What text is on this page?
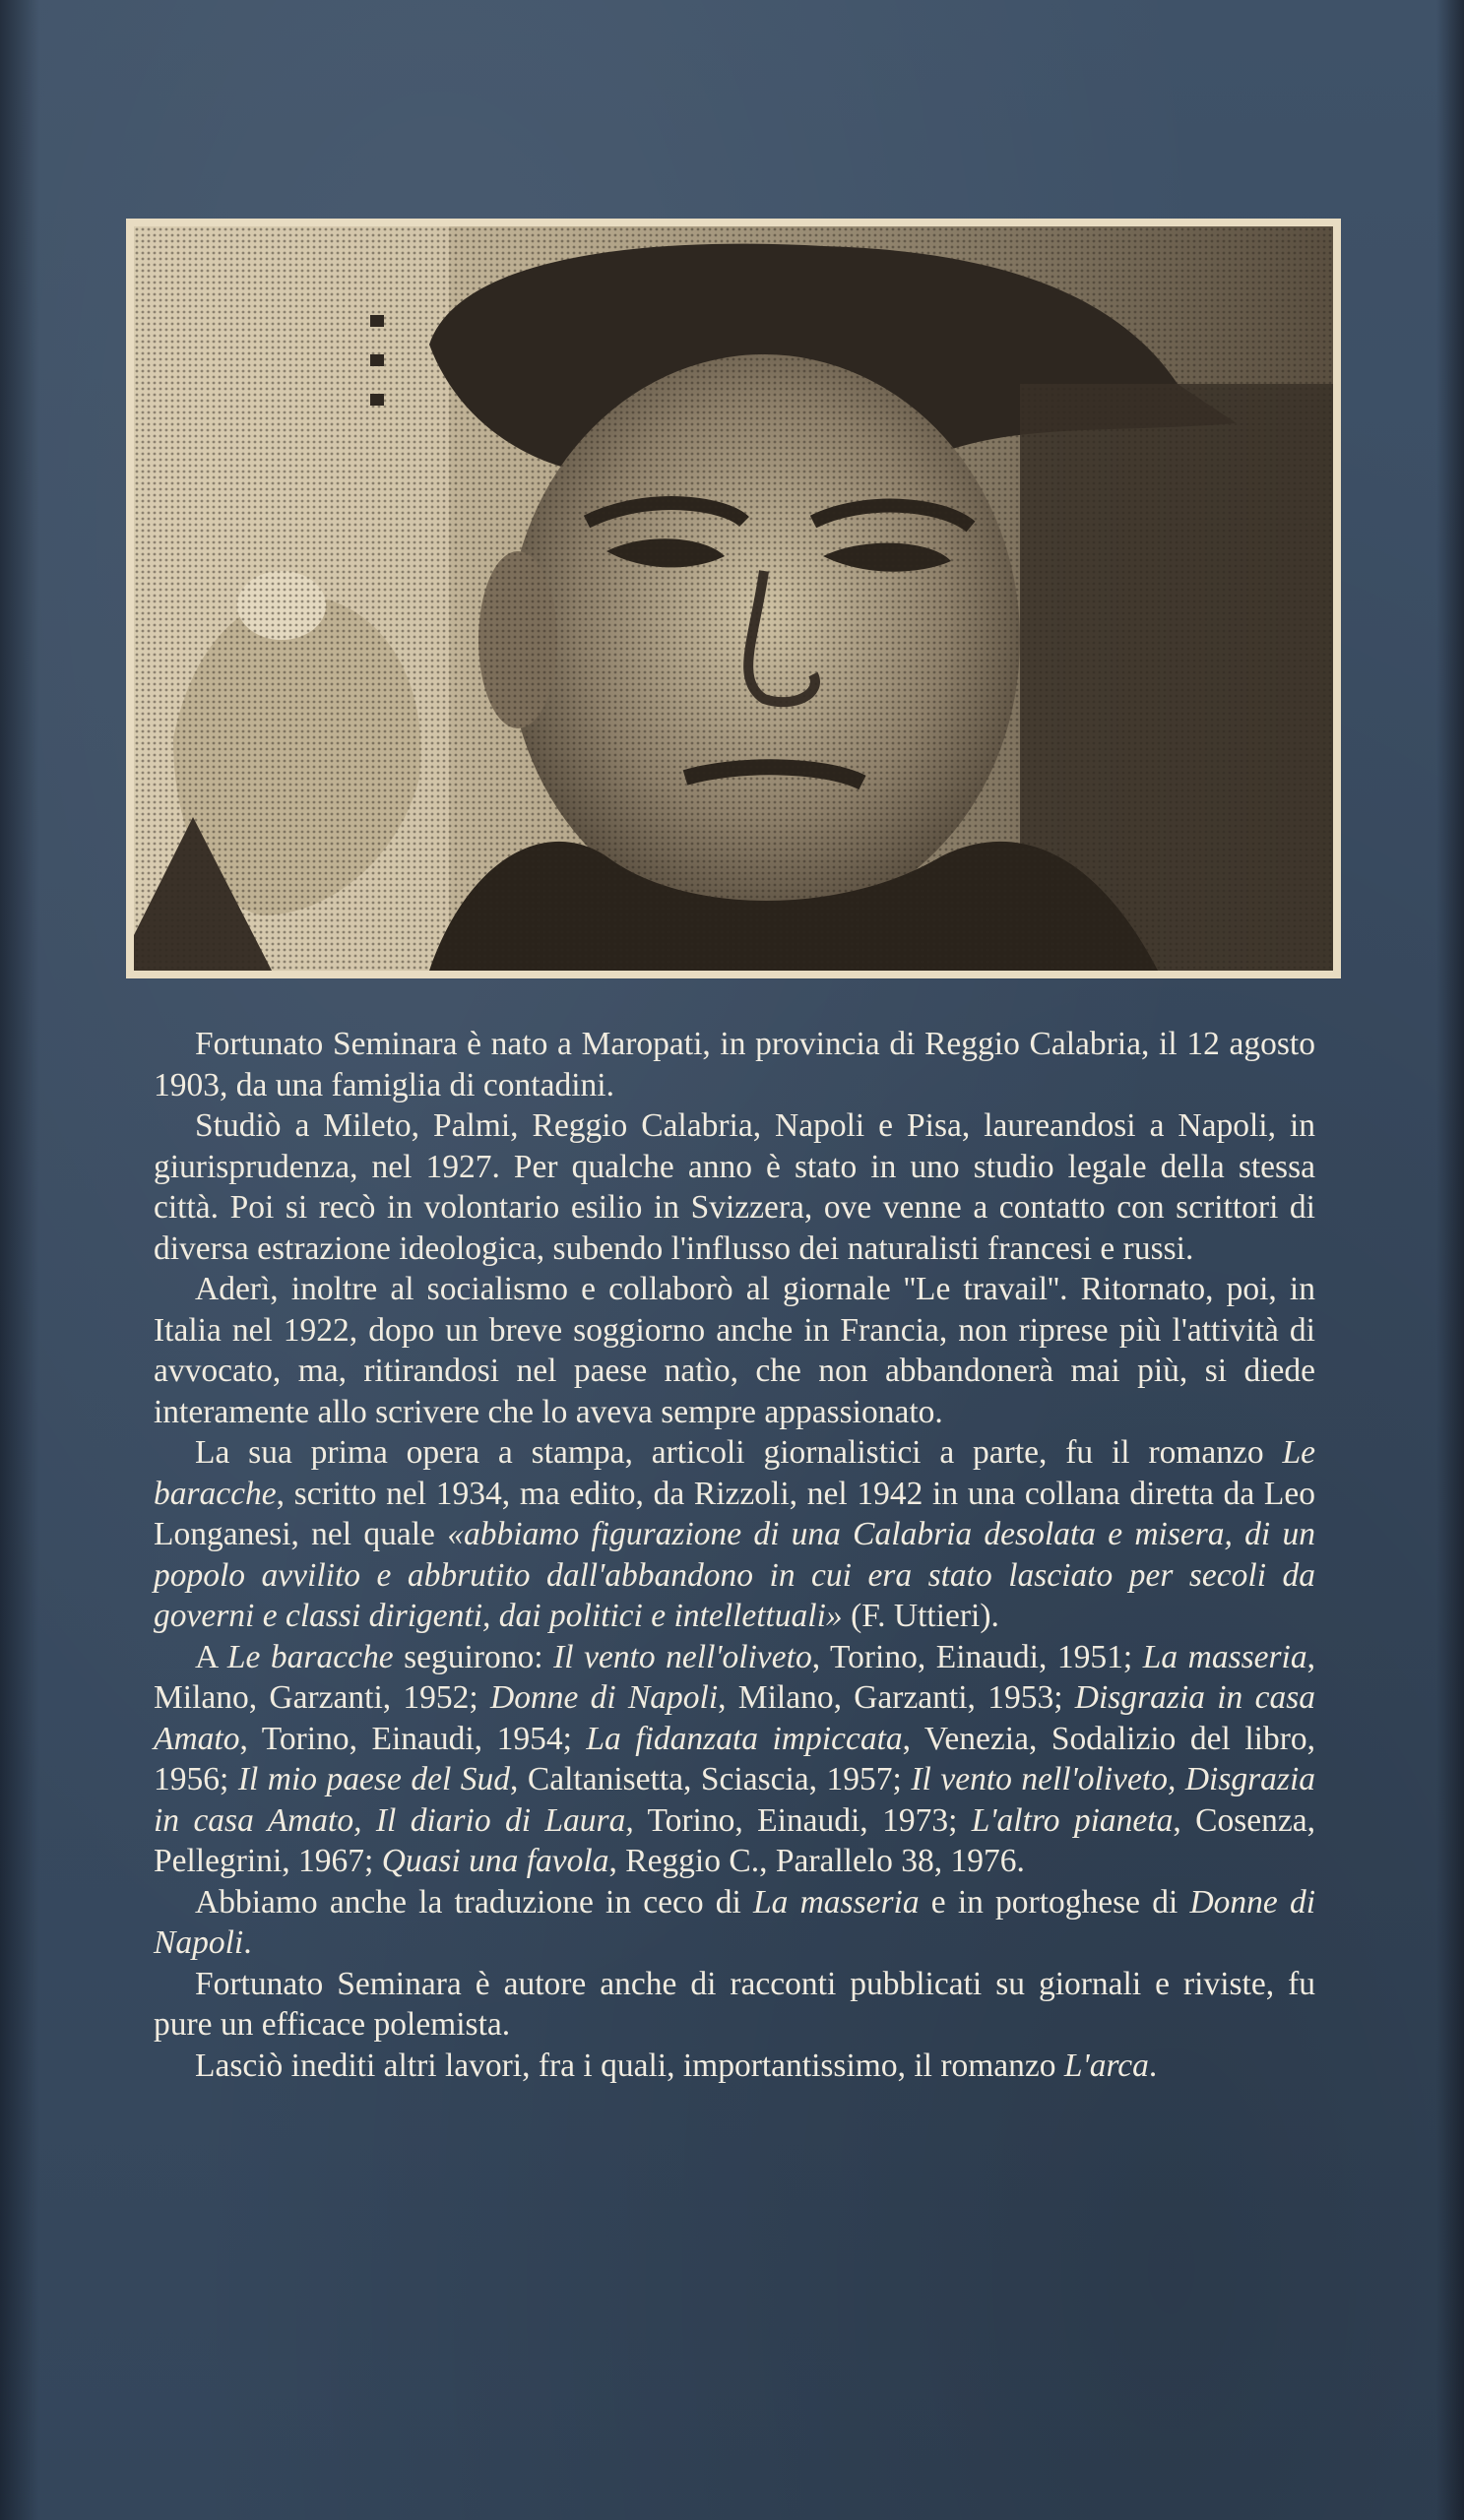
Fortunato Seminara è nato a Maropati, in provincia di Reggio Calabria, il 12 agosto 1903, da una famiglia di contadini.

Studiò a Mileto, Palmi, Reggio Calabria, Napoli e Pisa, laureandosi a Napoli, in giurisprudenza, nel 1927. Per qualche anno è stato in uno studio legale della stessa città. Poi si recò in volontario esilio in Svizzera, ove venne a contatto con scrittori di diversa estrazione ideologica, subendo l'influsso dei naturalisti francesi e russi.

Aderì, inoltre al socialismo e collaborò al giornale ''Le travail''. Ritornato, poi, in Italia nel 1922, dopo un breve soggiorno anche in Francia, non riprese più l'attività di avvocato, ma, ritirandosi nel paese natìo, che non abbandonerà mai più, si diede interamente allo scrivere che lo aveva sempre appassionato.

La sua prima opera a stampa, articoli giornalistici a parte, fu il romanzo Le baracche, scritto nel 1934, ma edito, da Rizzoli, nel 1942 in una collana diretta da Leo Longanesi, nel quale «abbiamo figurazione di una Calabria desolata e misera, di un popolo avvilito e abbrutito dall'abbandono in cui era stato lasciato per secoli da governi e classi dirigenti, dai politici e intellettuali» (F. Uttieri).

A Le baracche seguirono: Il vento nell'oliveto, Torino, Einaudi, 1951; La masseria, Milano, Garzanti, 1952; Donne di Napoli, Milano, Garzanti, 1953; Disgrazia in casa Amato, Torino, Einaudi, 1954; La fidanzata impiccata, Venezia, Sodalizio del libro, 1956; Il mio paese del Sud, Caltanisetta, Sciascia, 1957; Il vento nell'oliveto, Disgrazia in casa Amato, Il diario di Laura, Torino, Einaudi, 1973; L'altro pianeta, Cosenza, Pellegrini, 1967; Quasi una favola, Reggio C., Parallelo 38, 1976.

Abbiamo anche la traduzione in ceco di La masseria e in portoghese di Donne di Napoli.

Fortunato Seminara è autore anche di racconti pubblicati su giornali e riviste, fu pure un efficace polemista.

Lasciò inediti altri lavori, fra i quali, importantissimo, il romanzo L'arca.
